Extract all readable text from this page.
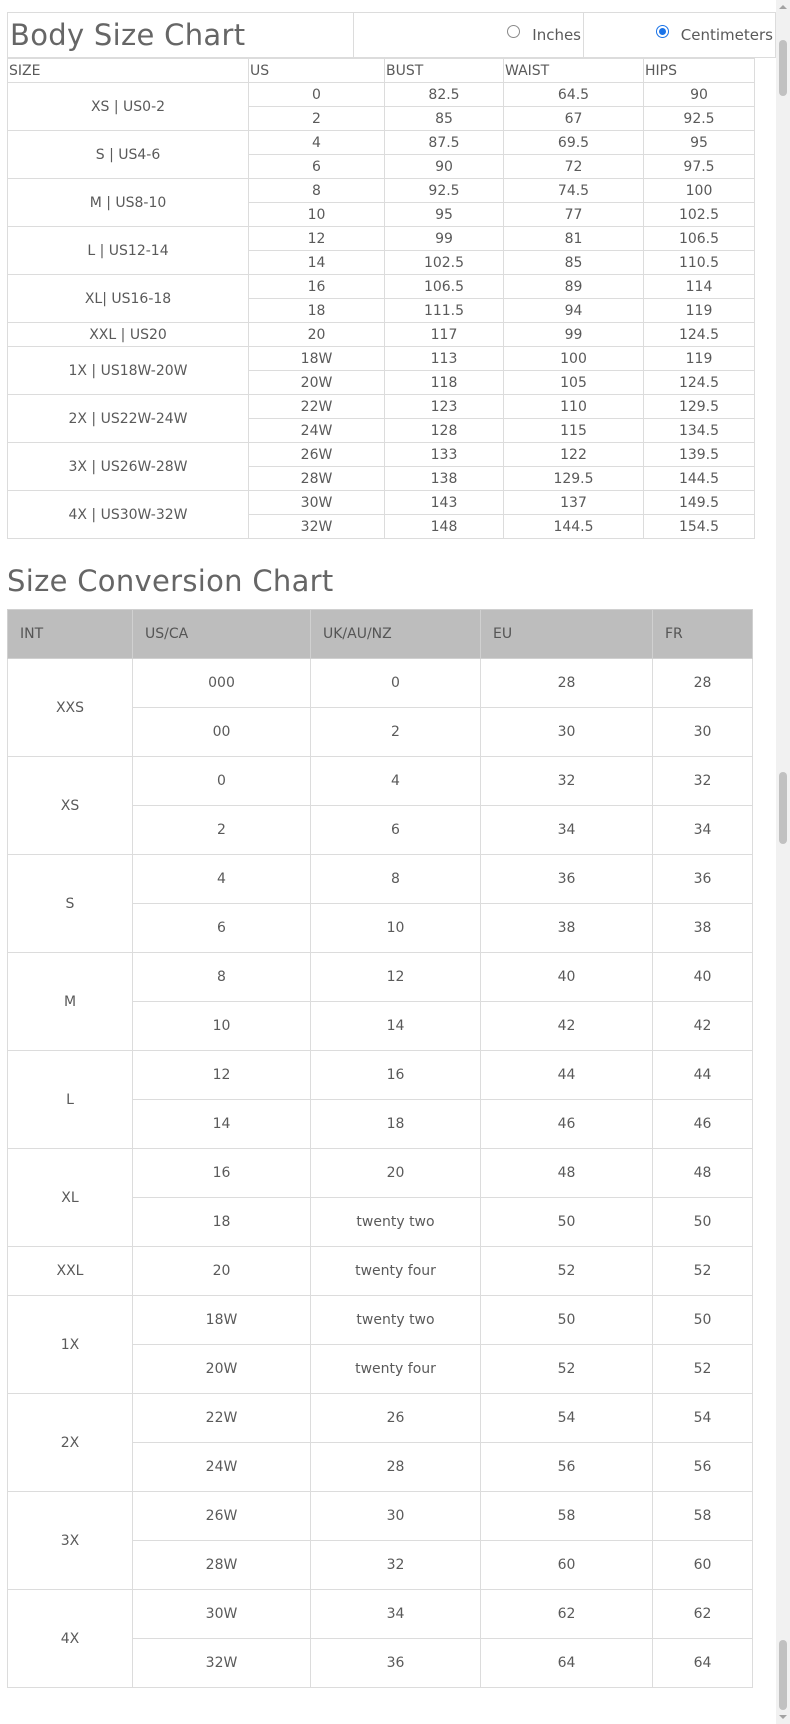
Body Size Chart	Inches	Centimeters
SIZE	US	BUST	WAIST	HIPS
XS | US0-2	0	82.5	64.5	90
	2	85	67	92.5
S | US4-6	4	87.5	69.5	95
	6	90	72	97.5
M | US8-10	8	92.5	74.5	100
	10	95	77	102.5
L | US12-14	12	99	81	106.5
	14	102.5	85	110.5
XL| US16-18	16	106.5	89	114
	18	111.5	94	119
XXL | US20	20	117	99	124.5
1X | US18W-20W	18W	113	100	119
	20W	118	105	124.5
2X | US22W-24W	22W	123	110	129.5
	24W	128	115	134.5
3X | US26W-28W	26W	133	122	139.5
	28W	138	129.5	144.5
4X | US30W-32W	30W	143	137	149.5
	32W	148	144.5	154.5
Size Conversion Chart
INT	US/CA	UK/AU/NZ	EU	FR
XXS	000	0	28	28
	00	2	30	30
XS	0	4	32	32
	2	6	34	34
S	4	8	36	36
	6	10	38	38
M	8	12	40	40
	10	14	42	42
L	12	16	44	44
	14	18	46	46
XL	16	20	48	48
	18	twenty two	50	50
XXL	20	twenty four	52	52
1X	18W	twenty two	50	50
	20W	twenty four	52	52
2X	22W	26	54	54
	24W	28	56	56
3X	26W	30	58	58
	28W	32	60	60
4X	30W	34	62	62
	32W	36	64	64
